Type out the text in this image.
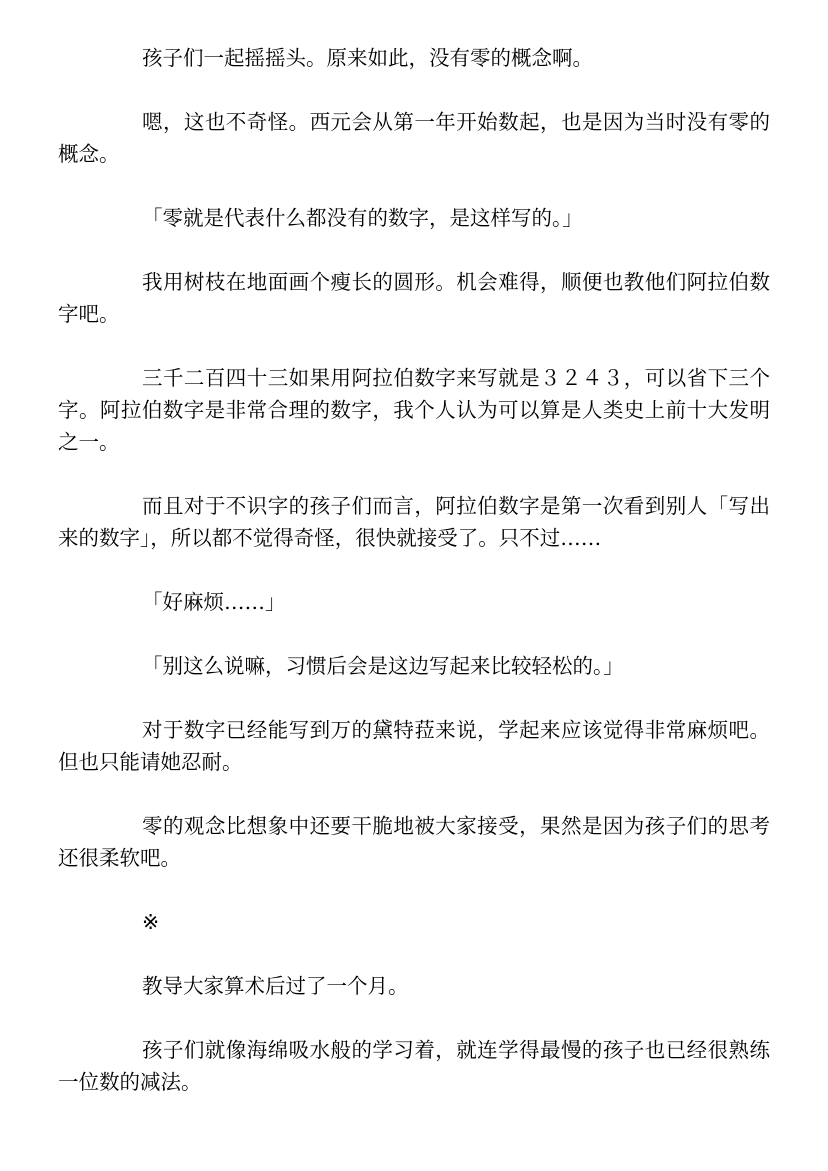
孩子们一起摇摇头。原来如此，没有零的概念啊。

嗯，这也不奇怪。西元会从第一年开始数起，也是因为当时没有零的概念。

「零就是代表什么都没有的数字，是这样写的。」

我用树枝在地面画个瘦长的圆形。机会难得，顺便也教他们阿拉伯数字吧。

三千二百四十三如果用阿拉伯数字来写就是３２４３，可以省下三个字。阿拉伯数字是非常合理的数字，我个人认为可以算是人类史上前十大发明之一。

而且对于不识字的孩子们而言，阿拉伯数字是第一次看到别人「写出来的数字」，所以都不觉得奇怪，很快就接受了。只不过……

「好麻烦……」

「别这么说嘛，习惯后会是这边写起来比较轻松的。」

对于数字已经能写到万的黛特菈来说，学起来应该觉得非常麻烦吧。但也只能请她忍耐。

零的观念比想象中还要干脆地被大家接受，果然是因为孩子们的思考还很柔软吧。

※

教导大家算术后过了一个月。

孩子们就像海绵吸水般的学习着，就连学得最慢的孩子也已经很熟练一位数的减法。
